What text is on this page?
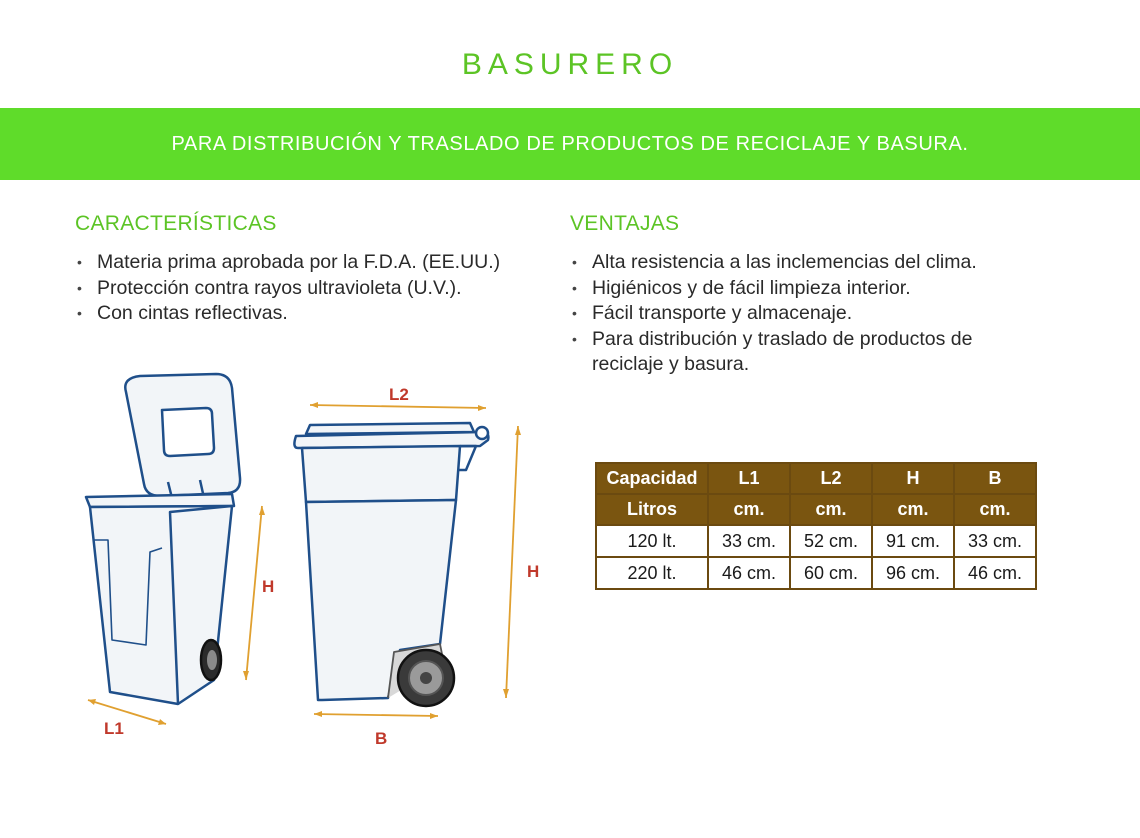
BASURERO
PARA DISTRIBUCIÓN Y TRASLADO DE PRODUCTOS DE RECICLAJE Y BASURA.
CARACTERÍSTICAS
• Materia prima aprobada por la F.D.A. (EE.UU.)
• Protección contra rayos ultravioleta (U.V.).
• Con cintas reflectivas.
VENTAJAS
• Alta resistencia a las inclemencias del clima.
• Higiénicos y de fácil limpieza interior.
• Fácil transporte y almacenaje.
• Para distribución y traslado de productos de reciclaje y basura.
L1
H
L2
H
B
Capacidad	L1	L2	H	B
Litros	cm.	cm.	cm.	cm.
120 lt.	33 cm.	52 cm.	91 cm.	33 cm.
220 lt.	46 cm.	60 cm.	96 cm.	46 cm.
